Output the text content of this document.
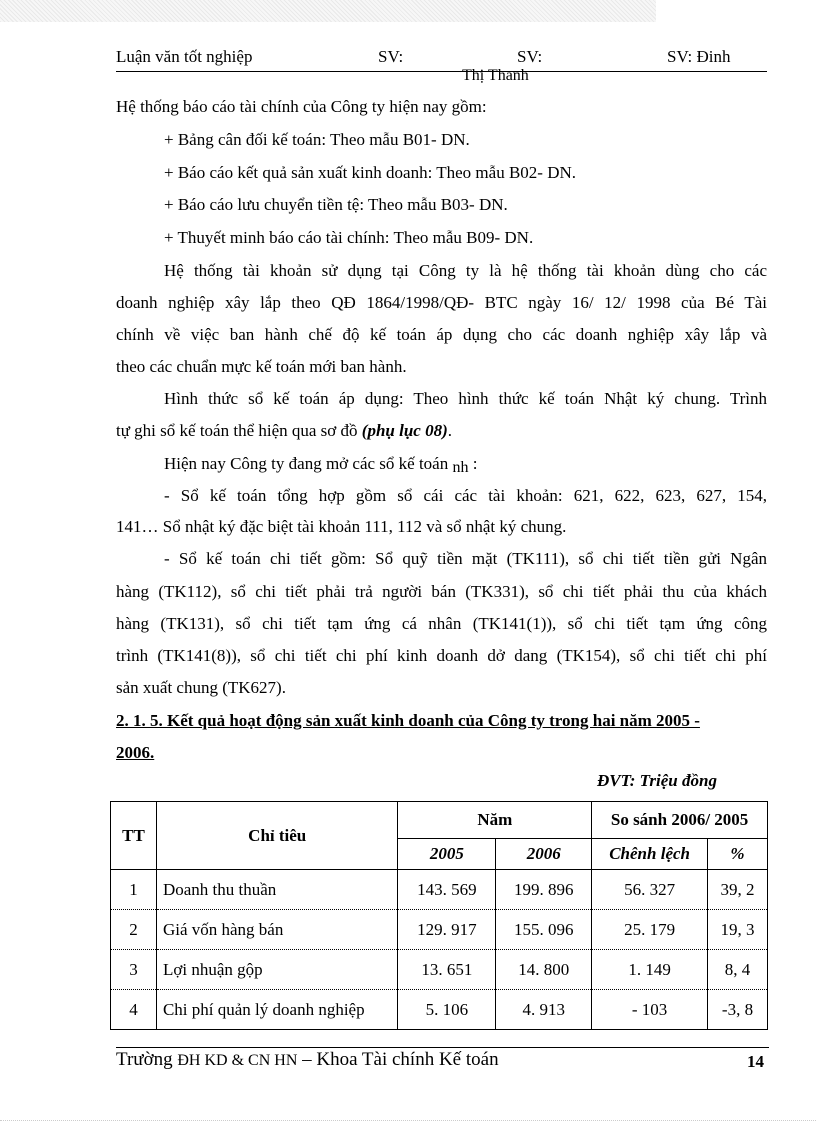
Luận văn tốt nghiệp	SV:	SV:	SV: Đinh
Thị Thanh
Hệ thống báo cáo tài chính của Công ty hiện nay gồm:
+ Bảng cân đối kế toán: Theo mẫu B01- DN.
+ Báo cáo kết quả sản xuất kinh doanh: Theo mẫu B02- DN.
+ Báo cáo lưu chuyển tiền tệ: Theo mẫu B03- DN.
+ Thuyết minh báo cáo tài chính: Theo mẫu B09- DN.
Hệ thống tài khoản sử dụng tại Công ty là hệ thống tài khoản dùng cho các
doanh nghiệp xây lắp theo QĐ 1864/1998/QĐ- BTC ngày 16/ 12/ 1998 của Bé Tài
chính về việc ban hành chế độ kế toán áp dụng cho các doanh nghiệp xây lắp và
theo các chuẩn mực kế toán mới ban hành.
Hình thức sổ kế toán áp dụng: Theo hình thức kế toán Nhật ký chung. Trình
tự ghi sổ kế toán thể hiện qua sơ đồ (phụ lục 08).
Hiện nay Công ty đang mở các sổ kế toán nh :
- Sổ kế toán tổng hợp gồm sổ cái các tài khoản: 621, 622, 623, 627, 154,
141… Sổ nhật ký đặc biệt tài khoản 111, 112 và sổ nhật ký chung.
- Sổ kế toán chi tiết gồm: Sổ quỹ tiền mặt (TK111), sổ chi tiết tiền gửi Ngân
hàng (TK112), sổ chi tiết phải trả người bán (TK331), sổ chi tiết phải thu của khách
hàng (TK131), sổ chi tiết tạm ứng cá nhân (TK141(1)), sổ chi tiết tạm ứng công
trình (TK141(8)), sổ chi tiết chi phí kinh doanh dở dang (TK154), sổ chi tiết chi phí
sản xuất chung (TK627).
2. 1. 5. Kết quả hoạt động sản xuất kinh doanh của Công ty trong hai năm 2005 -
2006.
ĐVT: Triệu đồng
TT	Chỉ tiêu	Năm		So sánh 2006/ 2005	
		2005	2006	Chênh lệch	%
1	Doanh thu thuần	143. 569	199. 896	56. 327	39, 2
2	Giá vốn hàng bán	129. 917	155. 096	25. 179	19, 3
3	Lợi nhuận gộp	13. 651	14. 800	1. 149	8, 4
4	Chi phí quản lý doanh nghiệp	5. 106	4. 913	- 103	-3, 8
Trường ĐH KD & CN HN – Khoa Tài chính Kế toán	14
